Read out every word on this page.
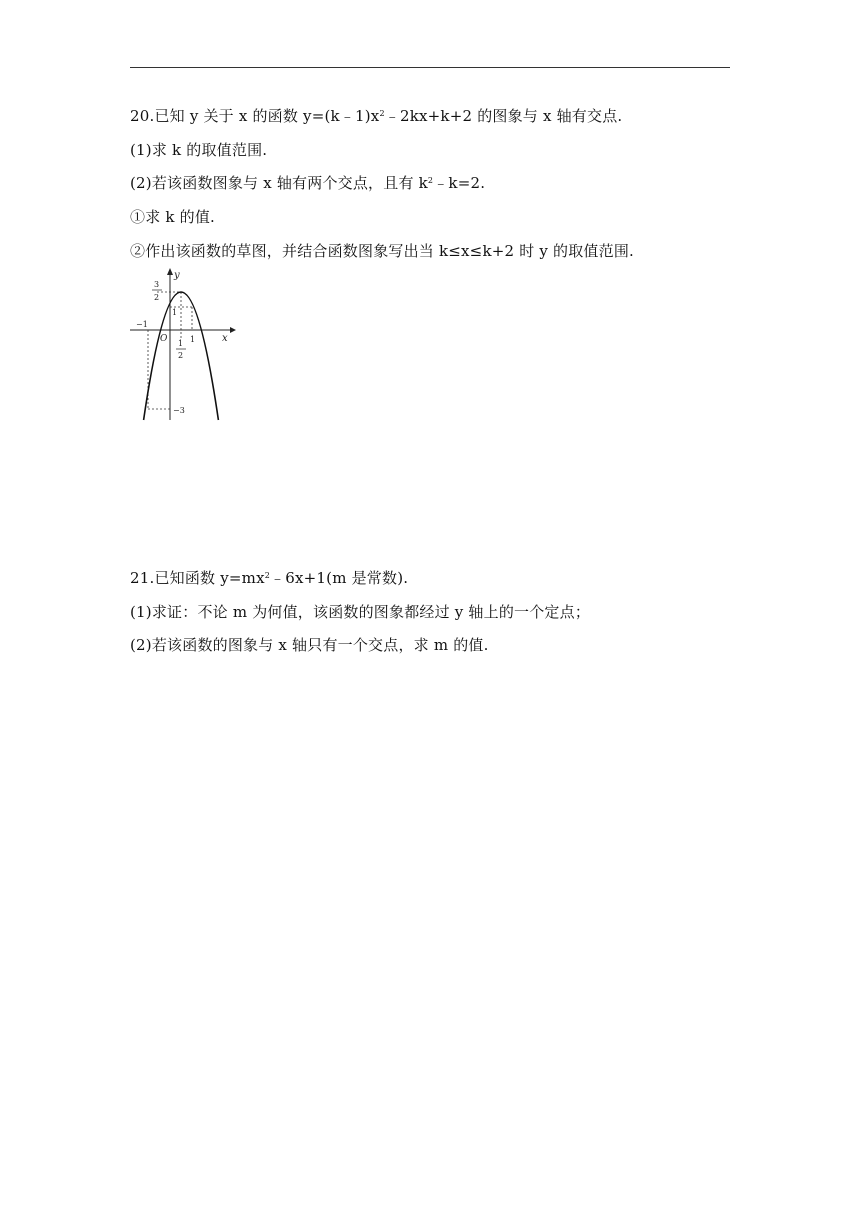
20.已知 y 关于 x 的函数 $y=(k﹣1)x^2﹣2kx+k+2$ 的图象与 x 轴有交点.
(1)求 k 的取值范围.
(2)若该函数图象与 x 轴有两个交点，且有 $k^2﹣k=2$.
①求 k 的值.
②作出该函数的草图，并结合函数图象写出当 k≤x≤k+2 时 y 的取值范围.
y
x
O
3
2
1
−1
1
1
2
−3
21.已知函数 $y=mx^2﹣6x+1(m$ 是常数).
(1)求证：不论 m 为何值，该函数的图象都经过 y 轴上的一个定点；
(2)若该函数的图象与 x 轴只有一个交点，求 m 的值.
